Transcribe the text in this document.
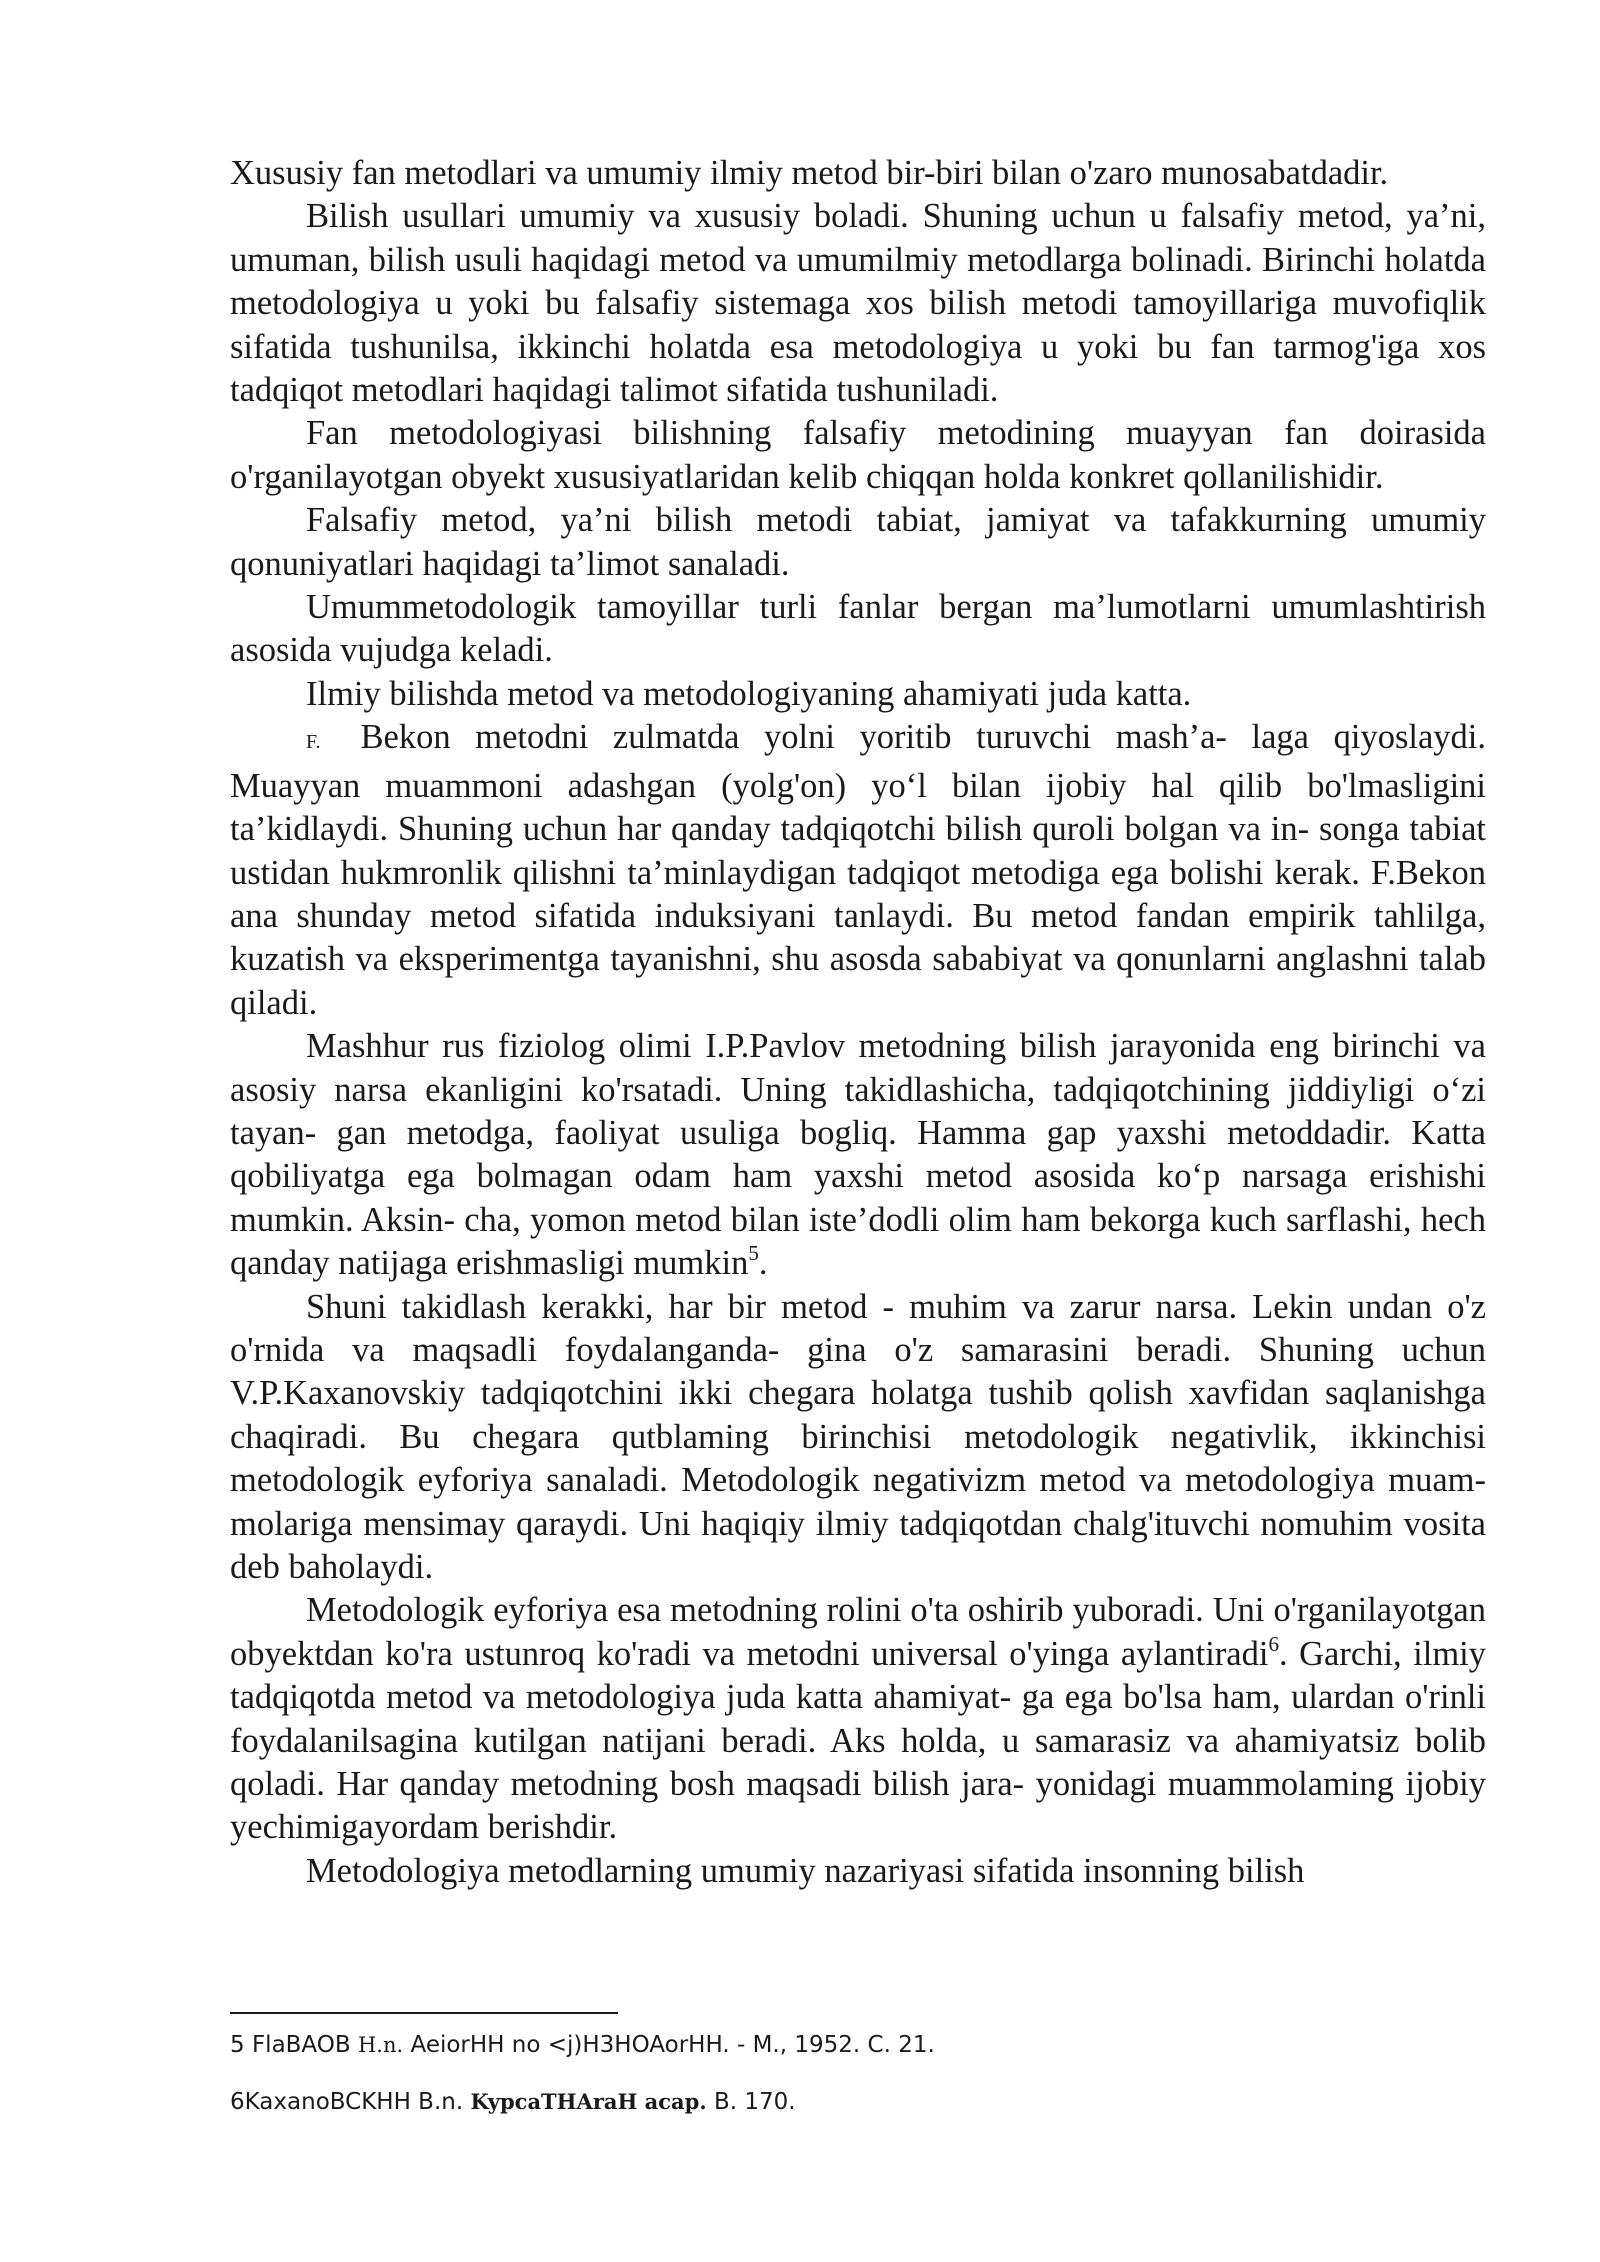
Xususiy fan metodlari va umumiy ilmiy metod bir-biri bilan o'zaro munosabatdadir.

Bilish usullari umumiy va xususiy boladi. Shuning uchun u falsafiy metod, ya’ni, umuman, bilish usuli haqidagi metod va umumilmiy metodlarga bolinadi. Birinchi holatda metodologiya u yoki bu falsafiy sistemaga xos bilish metodi tamoyillariga muvofiqlik sifatida tushunilsa, ikkinchi holatda esa metodologiya u yoki bu fan tarmog'iga xos tadqiqot metodlari haqidagi talimot sifatida tushuniladi.

Fan metodologiyasi bilishning falsafiy metodining muayyan fan doirasida o'rganilayotgan obyekt xususiyatlaridan kelib chiqqan holda konkret qollanilishidir.

Falsafiy metod, ya’ni bilish metodi tabiat, jamiyat va tafakkurning umumiy qonuniyatlari haqidagi ta’limot sanaladi.

Umummetodologik tamoyillar turli fanlar bergan ma’lumotlarni umumlashtirish asosida vujudga keladi.

Ilmiy bilishda metod va metodologiyaning ahamiyati juda katta.

F. Bekon metodni zulmatda yolni yoritib turuvchi mash’a- laga qiyoslaydi. Muayyan muammoni adashgan (yolg'on) yo‘l bilan ijobiy hal qilib bo'lmasligini ta’kidlaydi. Shuning uchun har qanday tadqiqotchi bilish quroli bolgan va in- songa tabiat ustidan hukmronlik qilishni ta’minlaydigan tadqiqot metodiga ega bolishi kerak. F.Bekon ana shunday metod sifatida induksiyani tanlaydi. Bu metod fandan empirik tahlilga, kuzatish va eksperimentga tayanishni, shu asosda sababiyat va qonunlarni anglashni talab qiladi.

Mashhur rus fiziolog olimi I.P.Pavlov metodning bilish jarayonida eng birinchi va asosiy narsa ekanligini ko'rsatadi. Uning takidlashicha, tadqiqotchining jiddiyligi o‘zi tayan- gan metodga, faoliyat usuliga bogliq. Hamma gap yaxshi metoddadir. Katta qobiliyatga ega bolmagan odam ham yaxshi metod asosida ko‘p narsaga erishishi mumkin. Aksin- cha, yomon metod bilan iste’dodli olim ham bekorga kuch sarflashi, hech qanday natijaga erishmasligi mumkin$^5$.

Shuni takidlash kerakki, har bir metod - muhim va zarur narsa. Lekin undan o'z o'rnida va maqsadli foydalanganda- gina o'z samarasini beradi. Shuning uchun V.P.Kaxanovskiy tadqiqotchini ikki chegara holatga tushib qolish xavfidan saqlanishga chaqiradi. Bu chegara qutblaming birinchisi metodologik negativlik, ikkinchisi metodologik eyforiya sanaladi. Metodologik negativizm metod va metodologiya muam- molariga mensimay qaraydi. Uni haqiqiy ilmiy tadqiqotdan chalg'ituvchi nomuhim vosita deb baholaydi.

Metodologik eyforiya esa metodning rolini o'ta oshirib yuboradi. Uni o'rganilayotgan obyektdan ko'ra ustunroq ko'radi va metodni universal o'yinga aylantiradi$^6$. Garchi, ilmiy tadqiqotda metod va metodologiya juda katta ahamiyat- ga ega bo'lsa ham, ulardan o'rinli foydalanilsagina kutilgan natijani beradi. Aks holda, u samarasiz va ahamiyatsiz bolib qoladi. Har qanday metodning bosh maqsadi bilish jara- yonidagi muammolaming ijobiy yechimigayordam berishdir.

Metodologiya metodlarning umumiy nazariyasi sifatida insonning bilish

5 FlaBAOB H.n. AeiorHH no <j)H3HOAorHH. - M., 1952. C. 21.
6KaxanoBCKHH B.n. KypcaTHAraH acap. B. 170.
